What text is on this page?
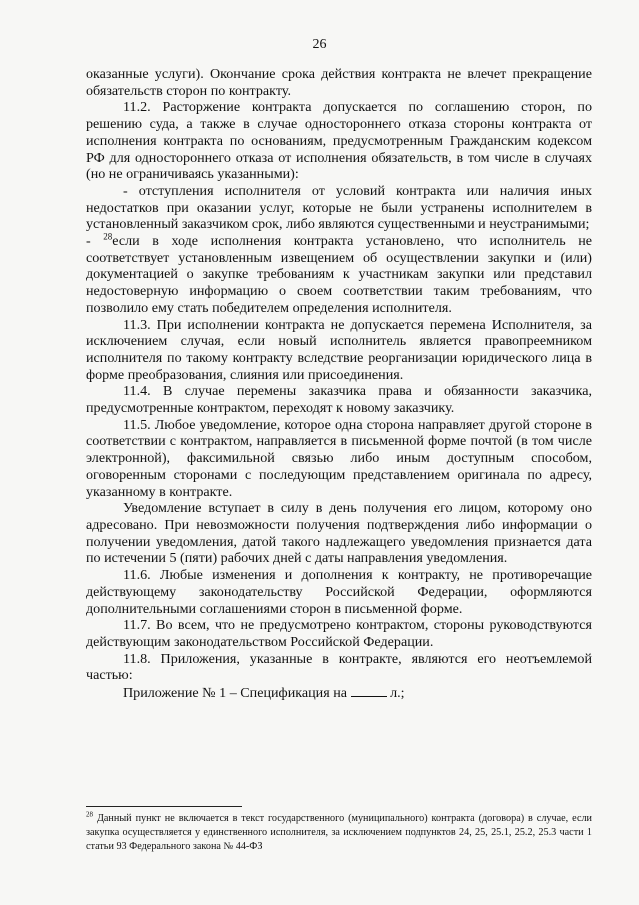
26

оказанные услуги). Окончание срока действия контракта не влечет прекращение обязательств сторон по контракту.

11.2. Расторжение контракта допускается по соглашению сторон, по решению суда, а также в случае одностороннего отказа стороны контракта от исполнения контракта по основаниям, предусмотренным Гражданским кодексом РФ для одностороннего отказа от исполнения обязательств, в том числе в случаях (но не ограничиваясь указанными):

- отступления исполнителя от условий контракта или наличия иных недостатков при оказании услуг, которые не были устранены исполнителем в установленный заказчиком срок, либо являются существенными и неустранимыми;

- $^{28}$если в ходе исполнения контракта установлено, что исполнитель не соответствует установленным извещением об осуществлении закупки и (или) документацией о закупке требованиям к участникам закупки или представил недостоверную информацию о своем соответствии таким требованиям, что позволило ему стать победителем определения исполнителя.

11.3. При исполнении контракта не допускается перемена Исполнителя, за исключением случая, если новый исполнитель является правопреемником исполнителя по такому контракту вследствие реорганизации юридического лица в форме преобразования, слияния или присоединения.

11.4. В случае перемены заказчика права и обязанности заказчика, предусмотренные контрактом, переходят к новому заказчику.

11.5. Любое уведомление, которое одна сторона направляет другой стороне в соответствии с контрактом, направляется в письменной форме почтой (в том числе электронной), факсимильной связью либо иным доступным способом, оговоренным сторонами с последующим представлением оригинала по адресу, указанному в контракте.

Уведомление вступает в силу в день получения его лицом, которому оно адресовано. При невозможности получения подтверждения либо информации о получении уведомления, датой такого надлежащего уведомления признается дата по истечении 5 (пяти) рабочих дней с даты направления уведомления.

11.6. Любые изменения и дополнения к контракту, не противоречащие действующему законодательству Российской Федерации, оформляются дополнительными соглашениями сторон в письменной форме.

11.7. Во всем, что не предусмотрено контрактом, стороны руководствуются действующим законодательством Российской Федерации.

11.8. Приложения, указанные в контракте, являются его неотъемлемой частью:

Приложение № 1 – Спецификация на	л.;

$^{28}$ Данный пункт не включается в текст государственного (муниципального) контракта (договора) в случае, если закупка осуществляется у единственного исполнителя, за исключением подпунктов 24, 25, 25.1, 25.2, 25.3 части 1 статьи 93 Федерального закона № 44-ФЗ
